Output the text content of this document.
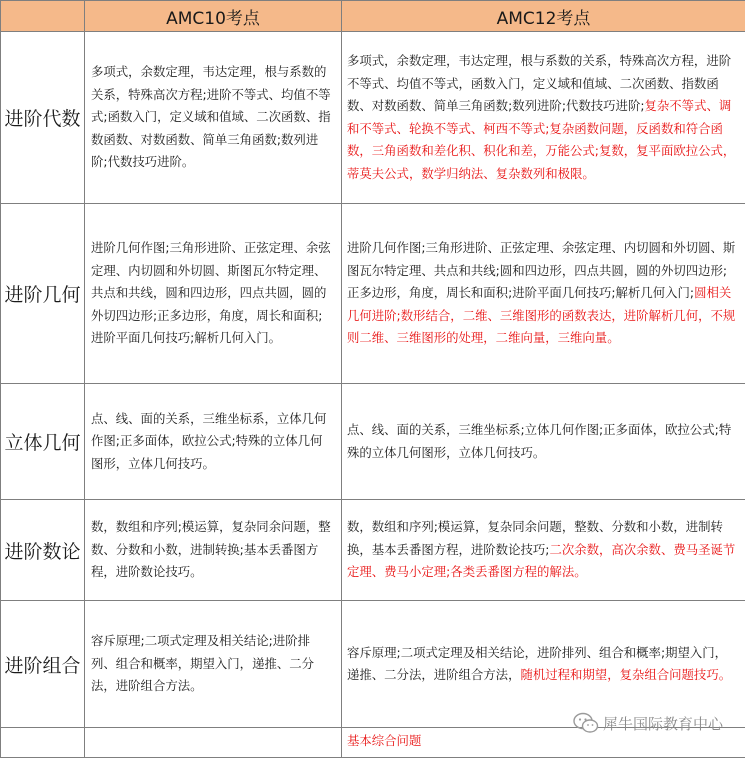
	AMC10考点	AMC12考点
进阶代数	多项式，余数定理，韦达定理，根与系数的关系，特殊高次方程;进阶不等式、均值不等式;函数入门，定义域和值域、二次函数、指数函数、对数函数、简单三角函数;数列进阶;代数技巧进阶。	多项式，余数定理，韦达定理，根与系数的关系，特殊高次方程，进阶不等式、均值不等式，函数入门，定义域和值域、二次函数、指数函数、对数函数、简单三角函数;数列进阶;代数技巧进阶;复杂不等式、调和不等式、轮换不等式、柯西不等式;复杂函数问题，反函数和符合函数，三角函数和差化积、积化和差，万能公式;复数，复平面欧拉公式，蒂莫夫公式，数学归纳法、复杂数列和极限。
进阶几何	进阶几何作图;三角形进阶、正弦定理、余弦定理、内切圆和外切圆、斯图瓦尔特定理、共点和共线，圆和四边形，四点共圆，圆的外切四边形;正多边形，角度，周长和面积;进阶平面几何技巧;解析几何入门。	进阶几何作图;三角形进阶、正弦定理、余弦定理、内切圆和外切圆、斯图瓦尔特定理、共点和共线;圆和四边形，四点共圆，圆的外切四边形;正多边形，角度，周长和面积;进阶平面几何技巧;解析几何入门;圆相关几何进阶;数形结合，二维、三维图形的函数表达，进阶解析几何，不规则二维、三维图形的处理，二维向量，三维向量。
立体几何	点、线、面的关系，三维坐标系，立体几何作图;正多面体，欧拉公式;特殊的立体几何图形，立体几何技巧。	点、线、面的关系，三维坐标系;立体几何作图;正多面体，欧拉公式;特殊的立体几何图形，立体几何技巧。
进阶数论	数，数组和序列;模运算，复杂同余问题，整数、分数和小数，进制转换;基本丢番图方程，进阶数论技巧。	数，数组和序列;模运算，复杂同余问题，整数、分数和小数，进制转换，基本丢番图方程，进阶数论技巧;二次余数，高次余数、费马圣诞节定理、费马小定理;各类丢番图方程的解法。
进阶组合	容斥原理;二项式定理及相关结论;进阶排列、组合和概率，期望入门，递推、二分法，进阶组合方法。	容斥原理;二项式定理及相关结论，进阶排列、组合和概率;期望入门，递推、二分法，进阶组合方法，随机过程和期望，复杂组合问题技巧。
		基本综合问题
犀牛国际教育中心
